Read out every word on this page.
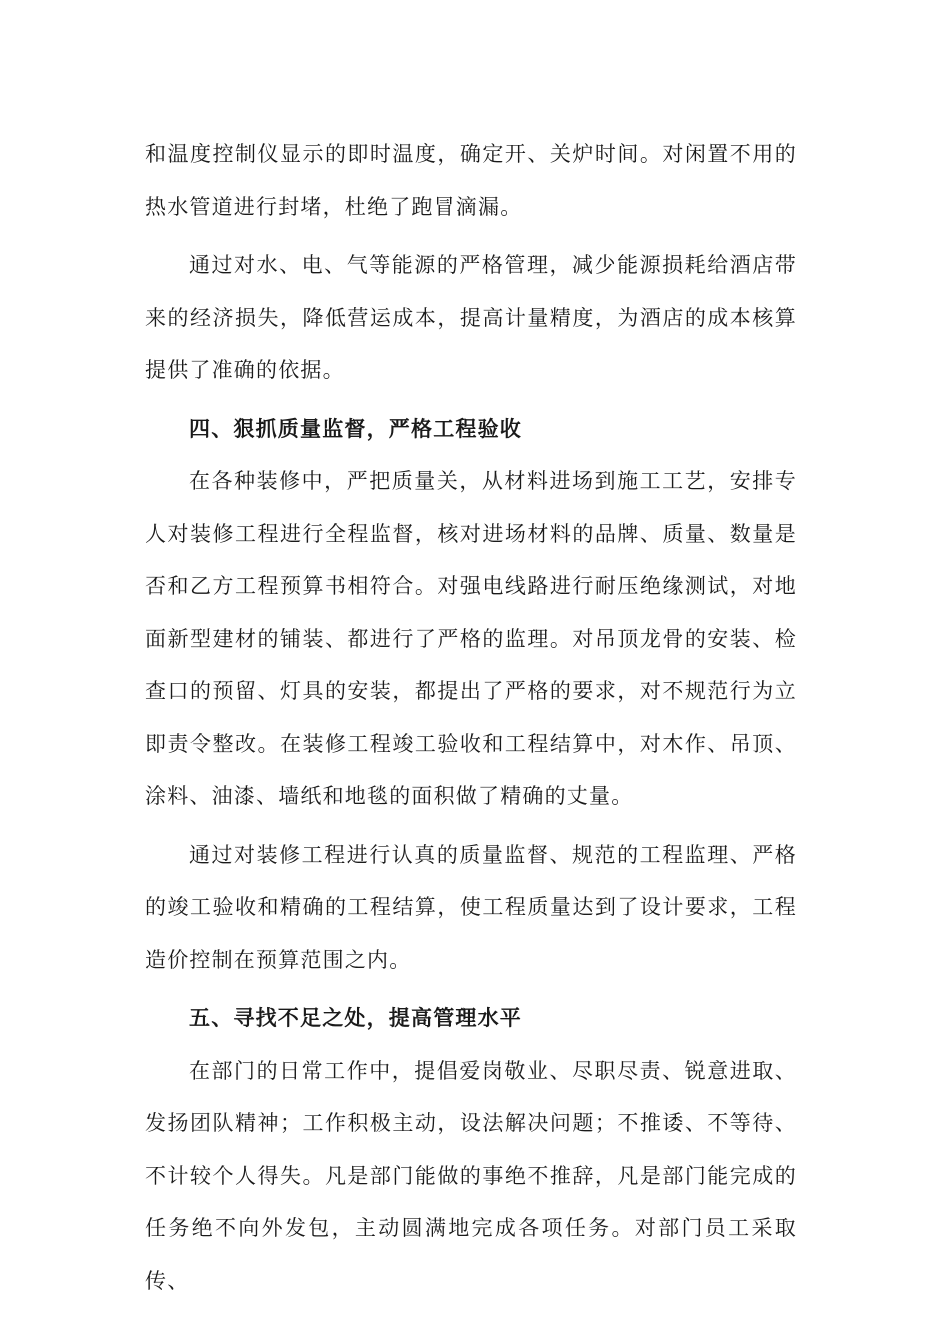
和温度控制仪显示的即时温度，确定开、关炉时间。对闲置不用的热水管道进行封堵，杜绝了跑冒滴漏。

通过对水、电、气等能源的严格管理，减少能源损耗给酒店带来的经济损失，降低营运成本，提高计量精度，为酒店的成本核算提供了准确的依据。

四、狠抓质量监督，严格工程验收

在各种装修中，严把质量关，从材料进场到施工工艺，安排专人对装修工程进行全程监督，核对进场材料的品牌、质量、数量是否和乙方工程预算书相符合。对强电线路进行耐压绝缘测试，对地面新型建材的铺装、都进行了严格的监理。对吊顶龙骨的安装、检查口的预留、灯具的安装，都提出了严格的要求，对不规范行为立即责令整改。在装修工程竣工验收和工程结算中，对木作、吊顶、涂料、油漆、墙纸和地毯的面积做了精确的丈量。

通过对装修工程进行认真的质量监督、规范的工程监理、严格的竣工验收和精确的工程结算，使工程质量达到了设计要求，工程造价控制在预算范围之内。

五、寻找不足之处，提高管理水平

在部门的日常工作中，提倡爱岗敬业、尽职尽责、锐意进取、发扬团队精神；工作积极主动，设法解决问题；不推诿、不等待、不计较个人得失。凡是部门能做的事绝不推辞，凡是部门能完成的任务绝不向外发包，主动圆满地完成各项任务。对部门员工采取传、
